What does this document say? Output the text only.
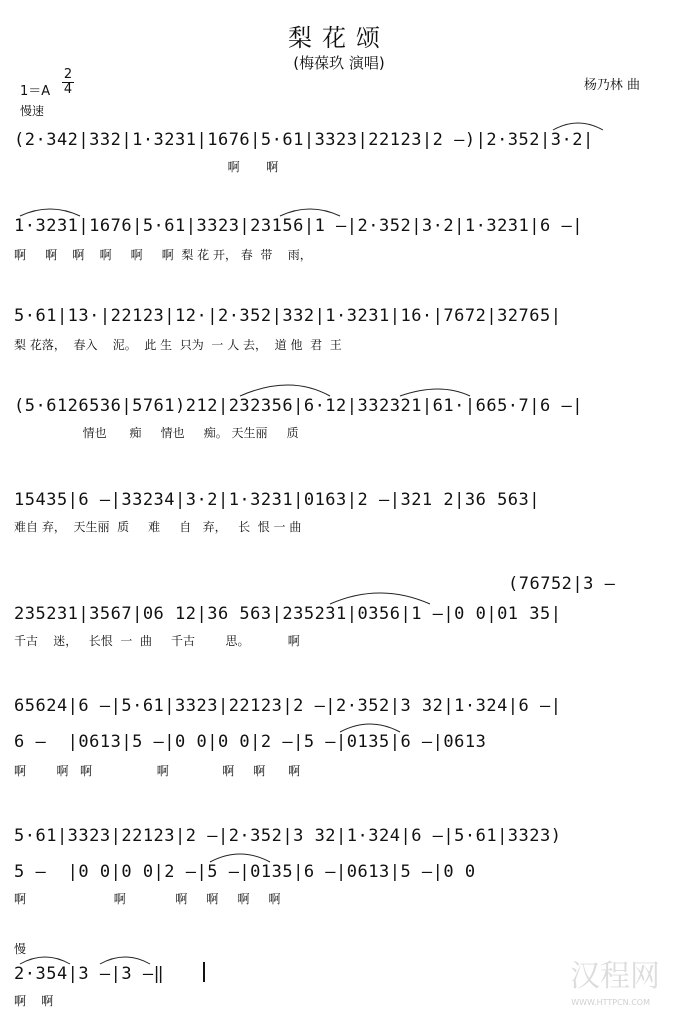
梨花颂
(梅葆玖 演唱)
杨乃林 曲
1＝A
2
4
慢速
(2·342|332|1·3231|1676|5·61|3323|22123|2 –)|2·352|3·2|
啊       啊
1·3231|1676|5·61|3323|23156|1 –|2·352|3·2|1·3231|6 –|
啊     啊    啊    啊     啊     啊  梨 花 开， 春  带    雨，
5·61|13·|22123|12·|2·352|332|1·3231|16·|7672|32765|
梨 花落，  春入    泥。  此 生  只为  一 人 去，  道 他  君  王
(5·6126536|5761)212|232356|6·12|332321|61·|665·7|6 –|
情也      痴     情也     痴。 天生丽     质
15435|6 –|33234|3·2|1·3231|0163|2 –|321 2|36 563|
难自 弃，  天生丽  质     难     自   弃，   长  恨 一 曲
(76752|3 –
235231|3567|06 12|36 563|235231|0356|1 –|0 0|01 35|
千古    迷，   长恨  一  曲     千古        思。          啊
65624|6 –|5·61|3323|22123|2 –|2·352|3 32|1·324|6 –|
6 –  |0613|5 –|0 0|0 0|2 –|5 –|0135|6 –|0613
啊        啊   啊                 啊              啊     啊      啊
5·61|3323|22123|2 –|2·352|3 32|1·324|6 –|5·61|3323)
5 –  |0 0|0 0|2 –|5 –|0135|6 –|0613|5 –|0 0
啊                       啊             啊     啊     啊     啊
慢
2·354|3 –|3 –‖
啊    啊
汉程网
WWW.HTTPCN.COM
